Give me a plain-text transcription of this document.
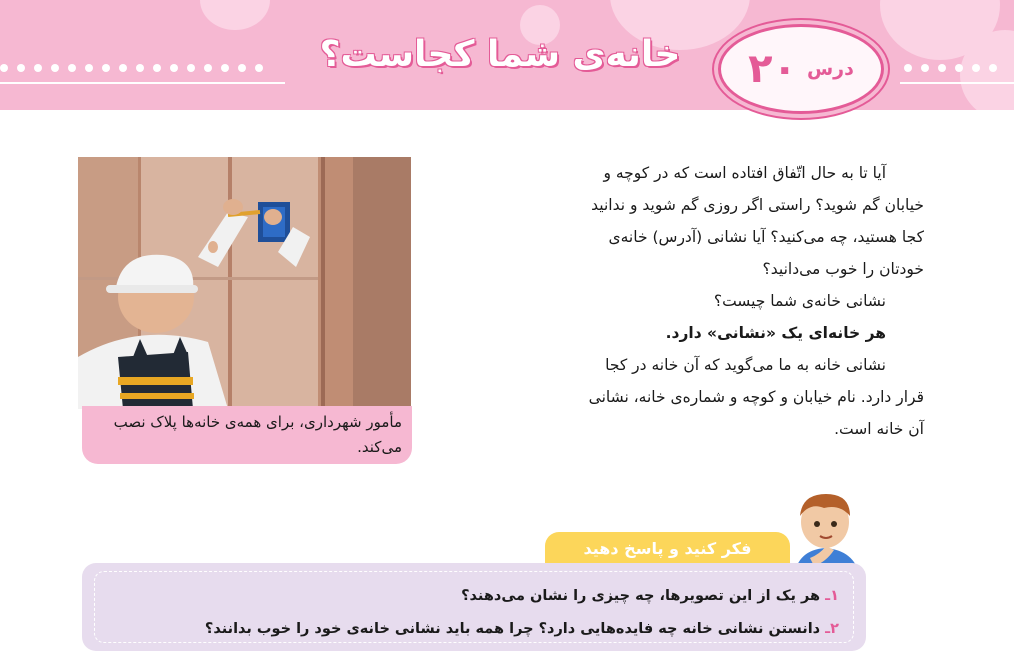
خانه‌ی شما کجاست؟	درس
۲۰
مأمور شهرداری، برای همه‌ی خانه‌ها پلاک نصب می‌کند.

آیا تا به حال اتّفاق افتاده است که در کوچه و

خیابان گم شوید؟ راستی اگر روزی گم شوید و ندانید

کجا هستید، چه می‌کنید؟ آیا نشانی (آدرس) خانه‌ی

خودتان را خوب می‌دانید؟

نشانی خانه‌ی شما چیست؟

هر خانه‌ای یک «نشانی» دارد.

نشانی خانه به ما می‌گوید که آن خانه در کجا

قرار دارد. نام خیابان و کوچه و شماره‌ی خانه، نشانی

آن خانه است.

فکر کنید و پاسخ دهید
۱ـ هر یک از این تصویرها، چه چیزی را نشان می‌دهند؟
۲ـ دانستن نشانی خانه چه فایده‌هایی دارد؟ چرا همه باید نشانی خانه‌ی خود را خوب بدانند؟
